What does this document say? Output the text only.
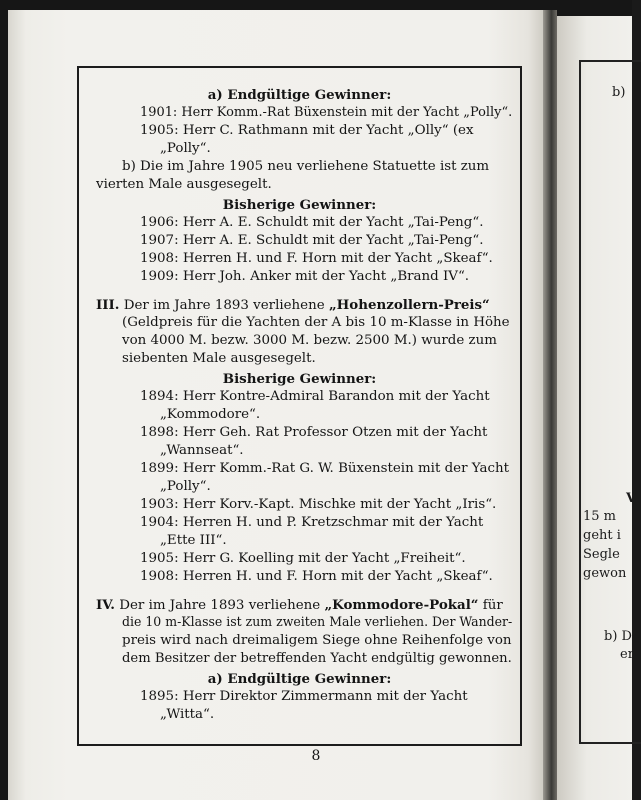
b)
V
15 m
geht i
Segle
gewon
b) D
er
a) Endgültige Gewinner:
1901: Herr Komm.-Rat Büxenstein mit der Yacht „Polly“.
1905: Herr C. Rathmann mit der Yacht „Olly“ (ex
„Polly“.
b) Die im Jahre 1905 neu verliehene Statuette ist zum
vierten Male ausgesegelt.
Bisherige Gewinner:
1906: Herr A. E. Schuldt mit der Yacht „Tai-Peng“.
1907: Herr A. E. Schuldt mit der Yacht „Tai-Peng“.
1908: Herren H. und F. Horn mit der Yacht „Skeaf“.
1909: Herr Joh. Anker mit der Yacht „Brand IV“.
III. Der im Jahre 1893 verliehene „Hohenzollern-Preis“
(Geldpreis für die Yachten der A bis 10 m-Klasse in Höhe
von 4000 M. bezw. 3000 M. bezw. 2500 M.) wurde zum
siebenten Male ausgesegelt.
Bisherige Gewinner:
1894: Herr Kontre-Admiral Barandon mit der Yacht
„Kommodore“.
1898: Herr Geh. Rat Professor Otzen mit der Yacht
„Wannseat“.
1899: Herr Komm.-Rat G. W. Büxenstein mit der Yacht
„Polly“.
1903: Herr Korv.-Kapt. Mischke mit der Yacht „Iris“.
1904: Herren H. und P. Kretzschmar mit der Yacht
„Ette III“.
1905: Herr G. Koelling mit der Yacht „Freiheit“.
1908: Herren H. und F. Horn mit der Yacht „Skeaf“.
IV. Der im Jahre 1893 verliehene „Kommodore-Pokal“ für
die 10 m-Klasse ist zum zweiten Male verliehen. Der Wander-
preis wird nach dreimaligem Siege ohne Reihenfolge von
dem Besitzer der betreffenden Yacht endgültig gewonnen.
a) Endgültige Gewinner:
1895: Herr Direktor Zimmermann mit der Yacht
„Witta“.
8
